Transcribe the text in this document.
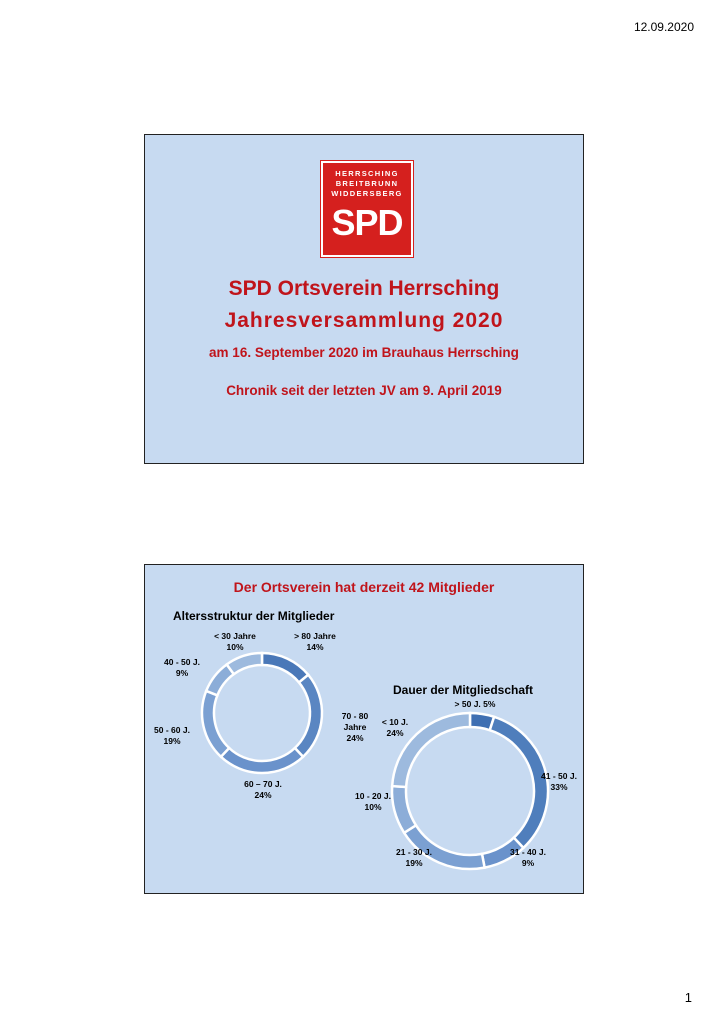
12.09.2020
HERRSCHING
BREITBRUNN
WIDDERSBERG
SPD
SPD Ortsverein Herrsching
Jahresversammlung 2020
am 16. September 2020 im Brauhaus Herrsching
Chronik seit der letzten JV am 9. April 2019
Der Ortsverein hat derzeit 42 Mitglieder
Altersstruktur der Mitglieder
Dauer der Mitgliedschaft
< 30 Jahre
10%
> 80 Jahre
14%
70 - 80
Jahre
24%
60 – 70 J.
24%
50 - 60 J.
19%
40 - 50 J.
9%
> 50 J. 5%
41 - 50 J.
33%
31 - 40 J.
9%
21 - 30 J.
19%
10 - 20 J.
10%
< 10 J.
24%
1
